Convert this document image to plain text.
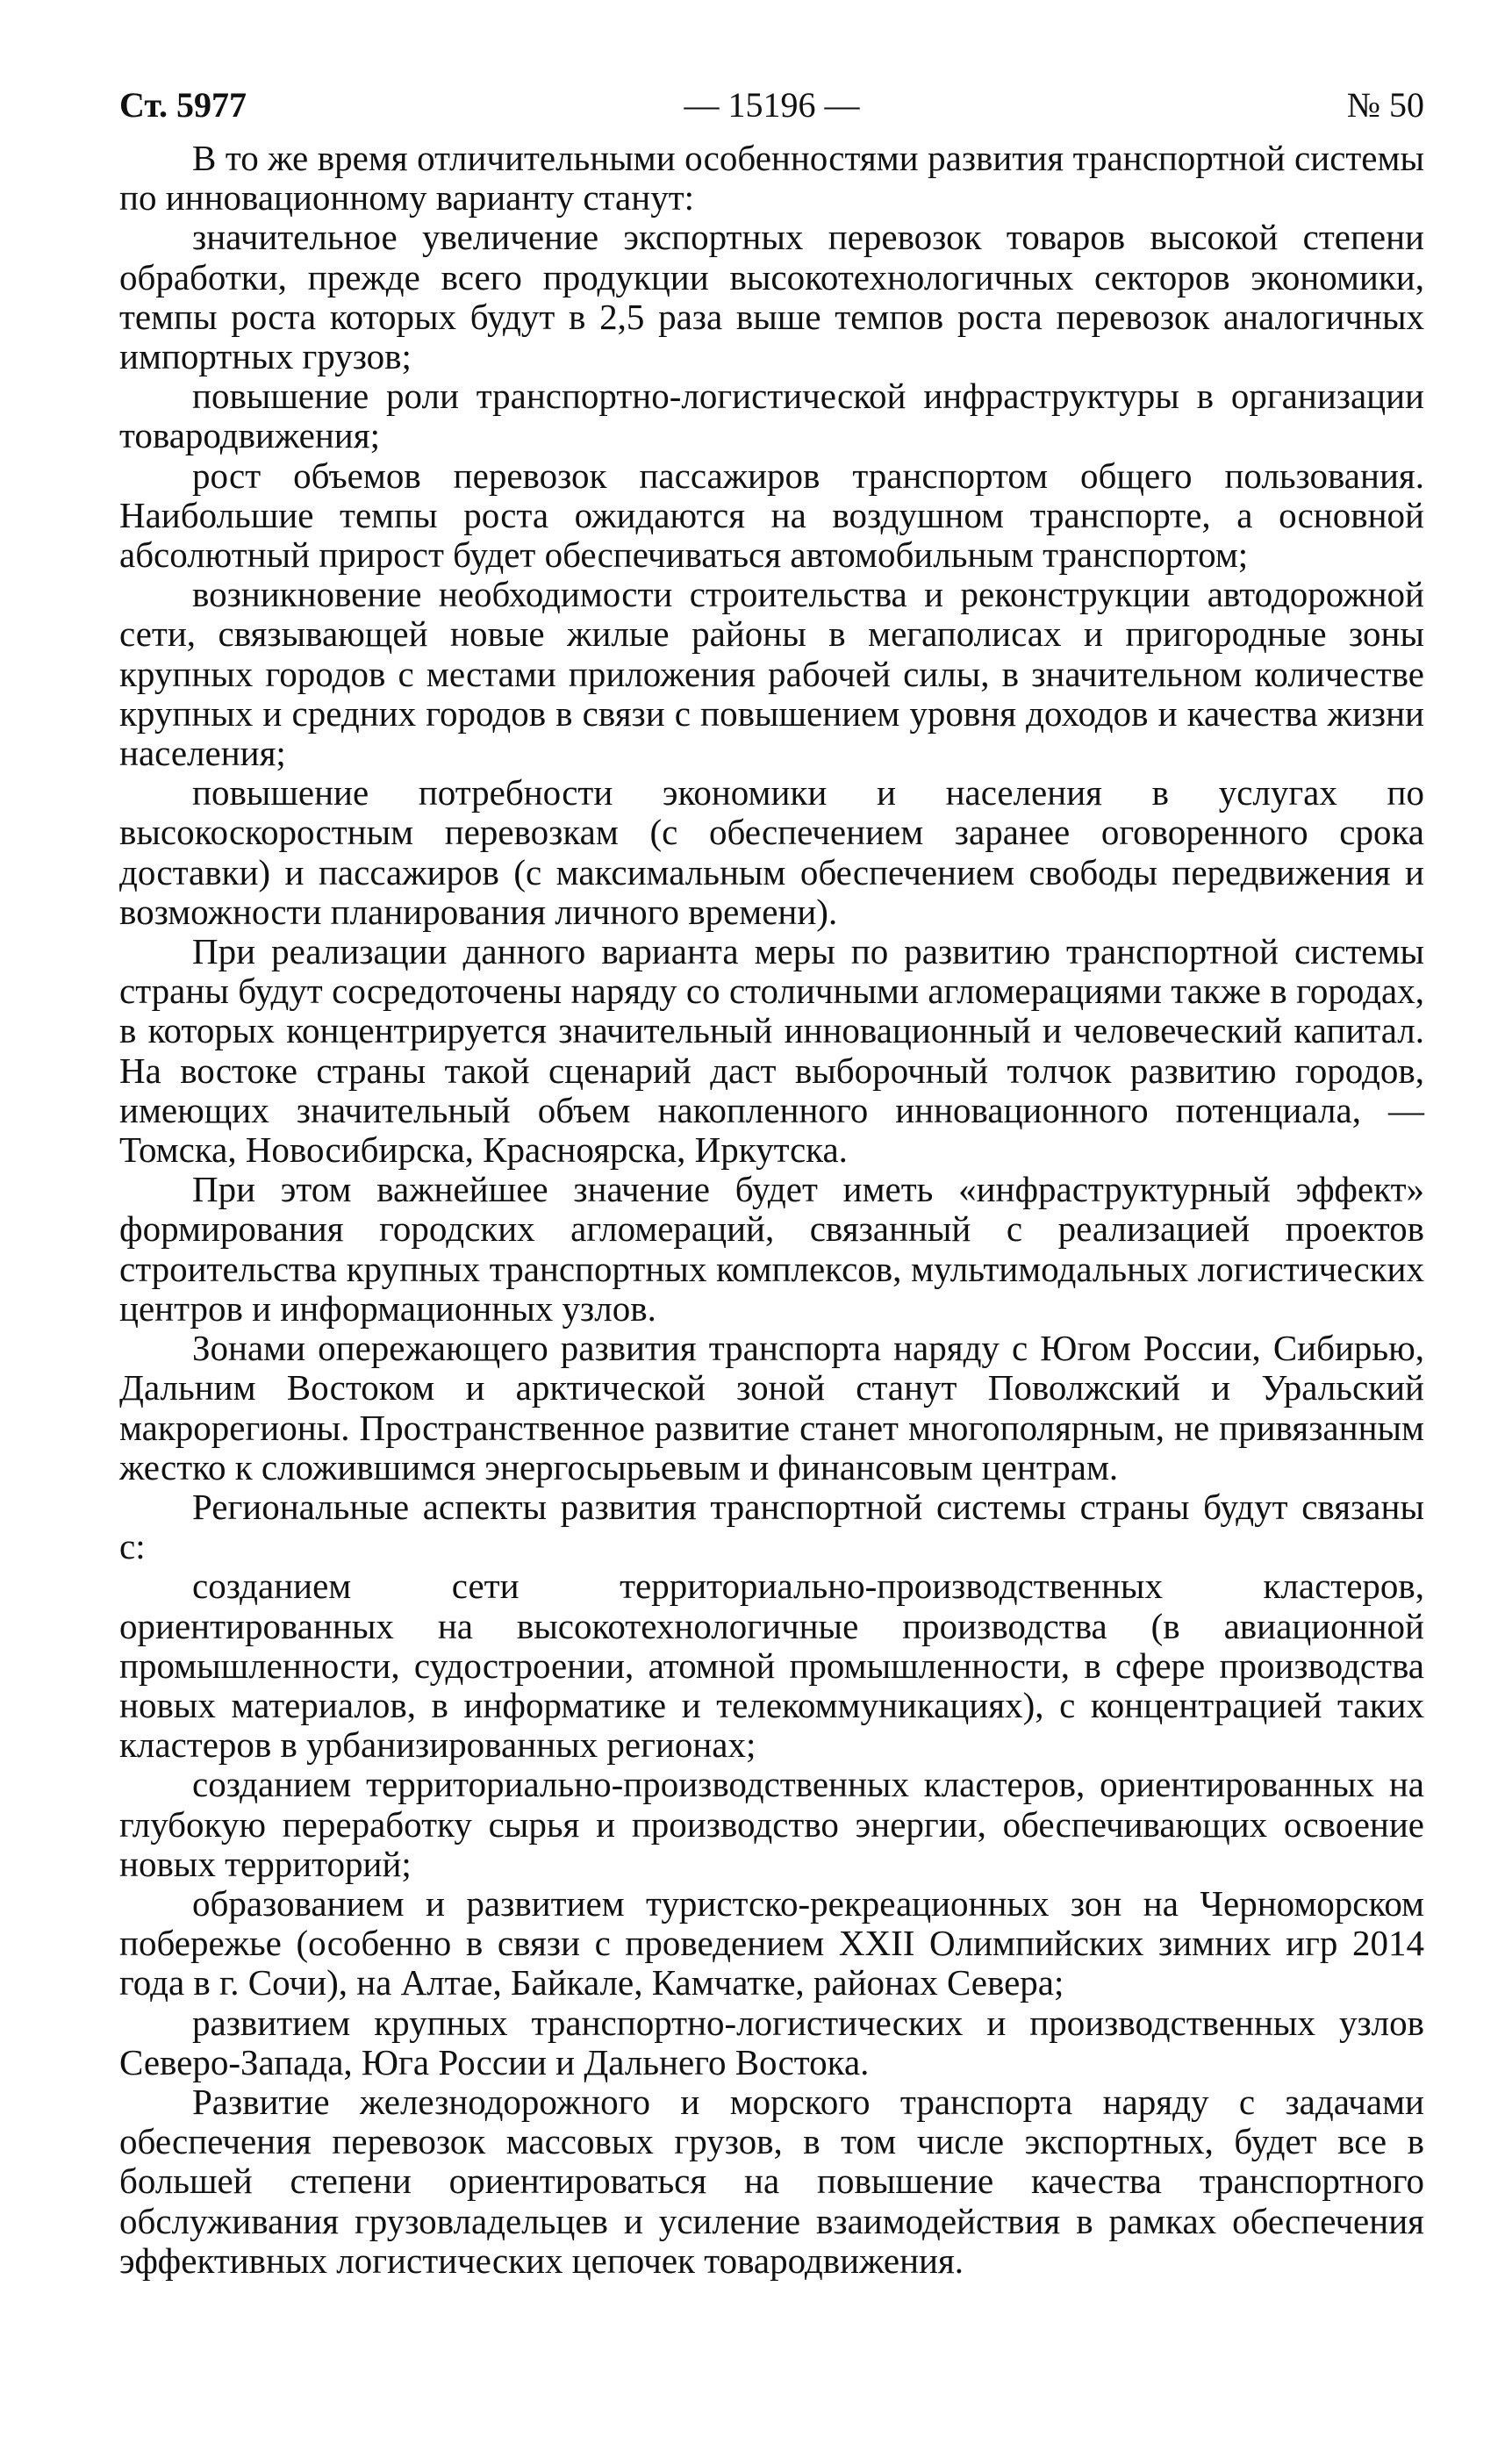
Ст. 5977	— 15196 —	№ 50

В то же время отличительными особенностями развития транспортной системы по инновационному варианту станут:

значительное увеличение экспортных перевозок товаров высокой степени обработки, прежде всего продукции высокотехнологичных секторов экономики, темпы роста которых будут в 2,5 раза выше темпов роста перевозок аналогичных импортных грузов;

повышение роли транспортно-логистической инфраструктуры в организации товародвижения;

рост объемов перевозок пассажиров транспортом общего пользования. Наибольшие темпы роста ожидаются на воздушном транспорте, а основной абсолютный прирост будет обеспечиваться автомобильным транспортом;

возникновение необходимости строительства и реконструкции автодорожной сети, связывающей новые жилые районы в мегаполисах и пригородные зоны крупных городов с местами приложения рабочей силы, в значительном количестве крупных и средних городов в связи с повышением уровня доходов и качества жизни населения;

повышение потребности экономики и населения в услугах по высокоскоростным перевозкам (с обеспечением заранее оговоренного срока доставки) и пассажиров (с максимальным обеспечением свободы передвижения и возможности планирования личного времени).

При реализации данного варианта меры по развитию транспортной системы страны будут сосредоточены наряду со столичными агломерациями также в городах, в которых концентрируется значительный инновационный и человеческий капитал. На востоке страны такой сценарий даст выборочный толчок развитию городов, имеющих значительный объем накопленного инновационного потенциала, — Томска, Новосибирска, Красноярска, Иркутска.

При этом важнейшее значение будет иметь «инфраструктурный эффект» формирования городских агломераций, связанный с реализацией проектов строительства крупных транспортных комплексов, мультимодальных логистических центров и информационных узлов.

Зонами опережающего развития транспорта наряду с Югом России, Сибирью, Дальним Востоком и арктической зоной станут Поволжский и Уральский макрорегионы. Пространственное развитие станет многополярным, не привязанным жестко к сложившимся энергосырьевым и финансовым центрам.

Региональные аспекты развития транспортной системы страны будут связаны с:

созданием сети территориально-производственных кластеров, ориентированных на высокотехнологичные производства (в авиационной промышленности, судостроении, атомной промышленности, в сфере производства новых материалов, в информатике и телекоммуникациях), с концентрацией таких кластеров в урбанизированных регионах;

созданием территориально-производственных кластеров, ориентированных на глубокую переработку сырья и производство энергии, обеспечивающих освоение новых территорий;

образованием и развитием туристско-рекреационных зон на Черноморском побережье (особенно в связи с проведением XXII Олимпийских зимних игр 2014 года в г. Сочи), на Алтае, Байкале, Камчатке, районах Севера;

развитием крупных транспортно-логистических и производственных узлов Северо-Запада, Юга России и Дальнего Востока.

Развитие железнодорожного и морского транспорта наряду с задачами обеспечения перевозок массовых грузов, в том числе экспортных, будет все в большей степени ориентироваться на повышение качества транспортного обслуживания грузовладельцев и усиление взаимодействия в рамках обеспечения эффективных логистических цепочек товародвижения.
